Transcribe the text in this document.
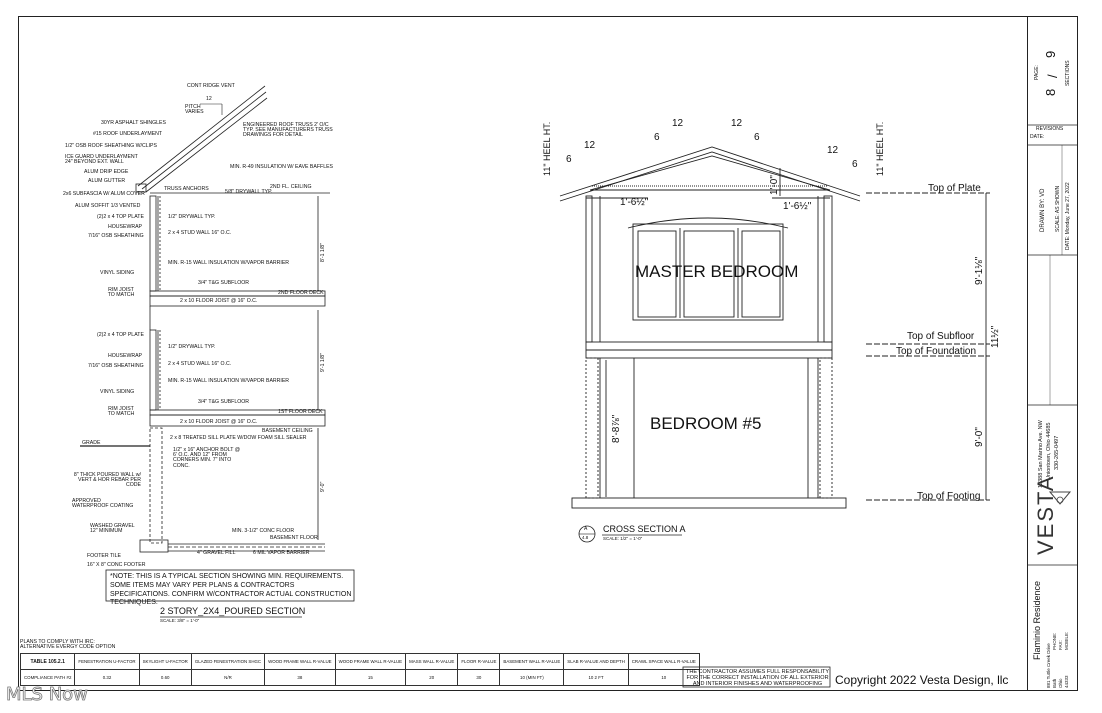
CONT RIDGE VENT
12
PITCH VARIES
ENGINEERED ROOF TRUSS 2' O/C TYP. SEE MANUFACTURERS TRUSS DRAWINGS FOR DETAIL
MIN. R-49 INSULATION W/ EAVE BAFFLES
TRUSS ANCHORS	5/8" DRYWALL TYP.
2ND FL. CEILING
30YR ASPHALT SHINGLES
#15 ROOF UNDERLAYMENT
1/2" OSB ROOF SHEATHING W/CLIPS
ICE GUARD UNDERLAYMENT 24" BEYOND EXT. WALL
ALUM DRIP EDGE
ALUM GUTTER
2x6 SUBFASCIA W/ ALUM COVER
ALUM SOFFIT 1/3 VENTED
(2)2 x 4 TOP PLATE
HOUSEWRAP
7/16" OSB SHEATHING
VINYL SIDING
RIM JOIST TO MATCH
(2)2 x 4 TOP PLATE
HOUSEWRAP
7/16" OSB SHEATHING
VINYL SIDING
RIM JOIST TO MATCH
GRADE
8" THICK POURED WALL w/ VERT & HOR REBAR PER CODE
APPROVED WATERPROOF COATING
WASHED GRAVEL 12" MINIMUM
FOOTER TILE
16" X 8" CONC FOOTER
1/2" DRYWALL TYP.
2 x 4 STUD WALL 16" O.C.
MIN. R-15 WALL INSULATION W/VAPOR BARRIER
3/4" T&G SUBFLOOR
2ND FLOOR DECK
2 x 10 FLOOR JOIST @ 16" O.C.
1/2" DRYWALL TYP.
2 x 4 STUD WALL 16" O.C.
MIN. R-15 WALL INSULATION W/VAPOR BARRIER
3/4" T&G SUBFLOOR
1ST FLOOR DECK
2 x 10 FLOOR JOIST @ 16" O.C.
BASEMENT CEILING
2 x 8 TREATED SILL PLATE W/DOW FOAM SILL SEALER
1/2" x 16" ANCHOR BOLT @ 6' O.C. AND 12" FROM CORNERS MIN. 7" INTO CONC.
MIN. 3-1/2" CONC FLOOR
BASEMENT FLOOR
4" GRAVEL FILL	6 MIL VAPOR BARRIER
8'-1 1/8"
9'-1 1/8"
9'-0"
*NOTE: THIS IS A TYPICAL SECTION SHOWING MIN. REQUIREMENTS. SOME ITEMS MAY VARY PER PLANS & CONTRACTORS SPECIFICATIONS. CONFIRM W/CONTRACTOR ACTUAL CONSTRUCTION TECHNIQUES.
2 STORY_2X4_POURED SECTION
SCALE: 3/8" = 1'-0"
PLANS TO COMPLY WITH IRC: ALTERNATIVE EVERGY CODE OPTION
TABLE 105.2.1	FENESTRATION U-FACTOR	SKYLIGHT U-FACTOR	GLAZED FENESTRATION SHGC	WOOD FRAME WALL R-VALUE	WOOD FRAME WALL R-VALUE	MASS WALL R-VALUE	FLOOR R-VALUE	BASEMENT WALL R-VALUE	SLAB R-VALUE AND DEPTH	CRAWL SPACE WALL R-VALUE
COMPLIANCE PATH #2	0.32	0.60	N/R	38	15	20	30	10 (MIN FT)	10 2 FT	10
11" HEEL HT.	11" HEEL HT.
12
6
12
6
12
6
12
6
1'-6½"	1'-6½"
1'-0"
MASTER BEDROOM
BEDROOM #5
8'-8⅞"
Top of Plate
Top of Subfloor
Top of Foundation
Top of Footing
9'-1⅛"
11½"
9'-0"
A
4.8
CROSS SECTION A
SCALE: 1/2" = 1'-0"
THE CONTRACTOR ASSUMES FULL RESPONSABILITY FOR THE CORRECT INSTALLATION OF ALL EXTERIOR AND INTERIOR FINISHES AND WATERPROOFING	Copyright 2022 Vesta Design, llc
PAGE:
8
/
9
SECTIONS
REVISIONS
DATE:
DRAWN BY: VD SCALE: AS SHOWN DATE: Monday, June 27, 2022
12388 San Marino Ave. NW Uniontown, Ohio 44685 330-265-0497
VESTA
Flaminio Residence
881 Tuttle Creek Drive Bath Ohio 44333
PHONE: FAX: MOBILE:
MLS Now
